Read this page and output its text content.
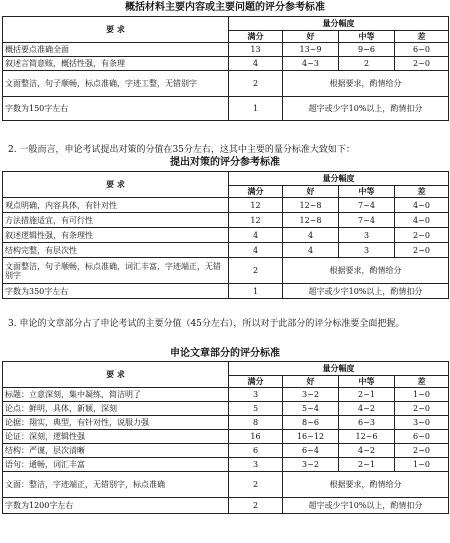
概括材料主要内容或主要问题的评分参考标准
要 求	量分幅度			
	满分	好	中等	差
概括要点准确全面	13	13~9	9~6	6~0
叙述言简意赅，概括性强，有条理	4	4~3	2	2~0
文面整洁，句子顺畅，标点准确，字迹工整，无错别字	2	根据要求，酌情给分		
字数为150字左右	1	超字或少字10%以上，酌情扣分		
2. 一般而言，申论考试提出对策的分值在35分左右，这其中主要的量分标准大致如下：
提出对策的评分参考标准
要 求	量分幅度			
	满分	好	中等	差
观点明确，内容具体，有针对性	12	12~8	7~4	4~0
方法措施适宜，有可行性	12	12~8	7~4	4~0
叙述逻辑性强，有条理性	4	4	3	2~0
结构完整，有层次性	4	4	3	2~0
文面整洁，句子顺畅，标点准确，词汇丰富，字迹端正，无错别字	2	根据要求，酌情给分		
字数为350字左右	1	超字或少字10%以上，酌情扣分		
3. 申论的文章部分占了申论考试的主要分值（45分左右），所以对于此部分的评分标准要全面把握。
申论文章部分的评分标准
要 求	量分幅度			
	满分	好	中等	差
标题：立意深刻，集中凝练，简洁明了	3	3~2	2~1	1~0
论点：鲜明，具体，新颖，深刻	5	5~4	4~2	2~0
论据：翔实，典型，有针对性，说服力强	8	8~6	6~3	3~0
论证：深刻，逻辑性强	16	16~12	12~6	6~0
结构：严谨，层次清晰	6	6~4	4~2	2~0
语句：通畅，词汇丰富	3	3~2	2~1	1~0
文面：整洁，字迹端正，无错别字，标点准确	2	根据要求，酌情给分		
字数为1200字左右	2	超字或少字10%以上，酌情扣分		
